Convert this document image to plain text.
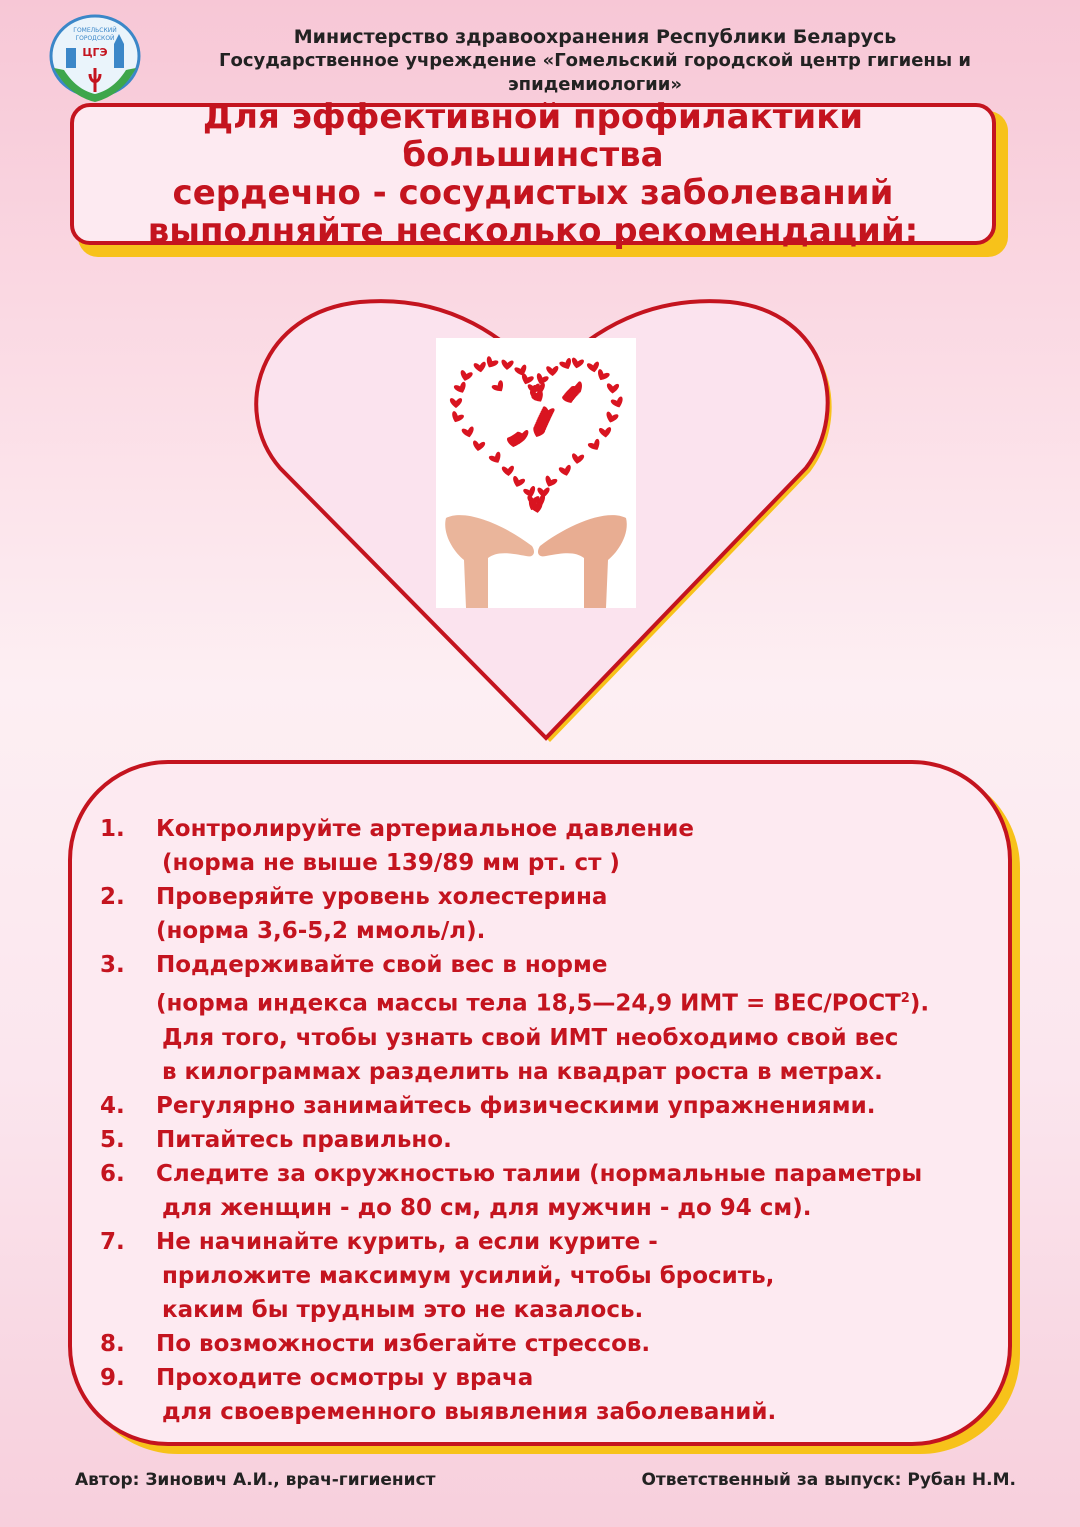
ГОМЕЛЬСКИЙ
ГОРОДСКОЙ
ЦГЭ
Министерство здравоохранения Республики Беларусь
Государственное учреждение «Гомельский городской центр гигиены и эпидемиологии»
Для эффективной профилактики большинства
сердечно - сосудистых заболеваний
выполняйте несколько рекомендаций:
1.	Контролируйте артериальное давление
(норма не выше 139/89 мм рт. ст )
2.	Проверяйте уровень холестерина
(норма 3,6-5,2 ммоль/л).
3.	Поддерживайте свой вес в норме
(норма индекса массы тела 18,5—24,9 ИМТ = ВЕС/$РОСТ^2$).
Для того, чтобы узнать свой ИМТ необходимо свой вес
в килограммах разделить на квадрат роста в метрах.
4.	Регулярно занимайтесь физическими упражнениями.
5.	Питайтесь правильно.
6.	Следите за окружностью талии (нормальные параметры
для женщин - до 80 см, для мужчин - до 94 см).
7.	Не начинайте курить, а если курите -
приложите максимум усилий, чтобы бросить,
каким бы трудным это не казалось.
8.	По возможности избегайте стрессов.
9.	Проходите осмотры у врача
для своевременного выявления заболеваний.
Автор: Зинович А.И., врач-гигиенист	Ответственный за выпуск: Рубан Н.М.
